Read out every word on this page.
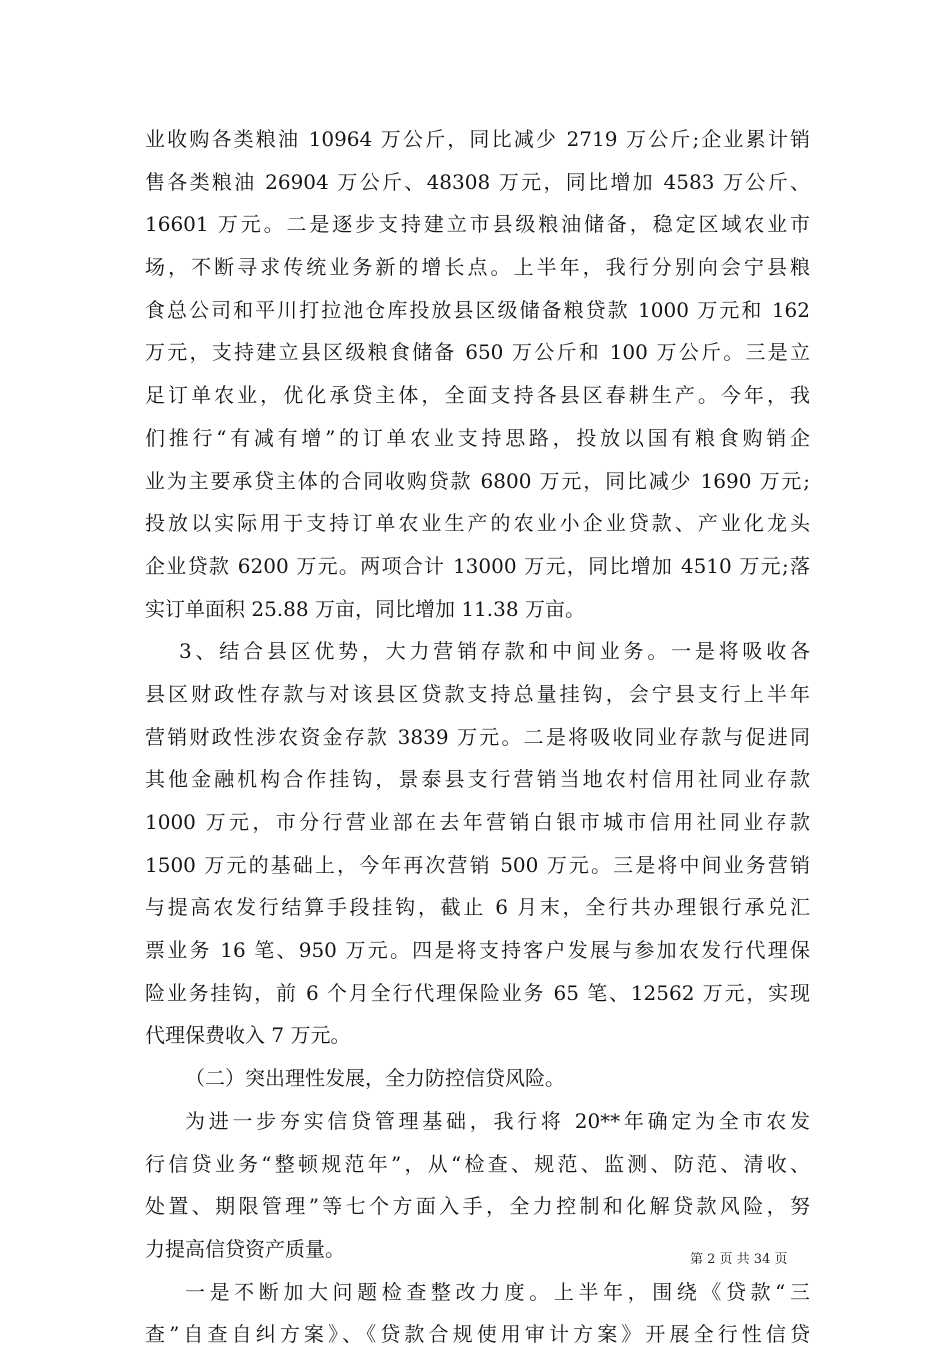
业收购各类粮油 10964 万公斤，同比减少 2719 万公斤;企业累计销
售各类粮油 26904 万公斤、48308 万元，同比增加 4583 万公斤、
16601 万元。二是逐步支持建立市县级粮油储备，稳定区域农业市
场，不断寻求传统业务新的增长点。上半年，我行分别向会宁县粮
食总公司和平川打拉池仓库投放县区级储备粮贷款 1000 万元和 162
万元，支持建立县区级粮食储备 650 万公斤和 100 万公斤。三是立
足订单农业，优化承贷主体，全面支持各县区春耕生产。今年，我
们推行“有减有增”的订单农业支持思路，投放以国有粮食购销企
业为主要承贷主体的合同收购贷款 6800 万元，同比减少 1690 万元;
投放以实际用于支持订单农业生产的农业小企业贷款、产业化龙头
企业贷款 6200 万元。两项合计 13000 万元，同比增加 4510 万元;落
实订单面积 25.88 万亩，同比增加 11.38 万亩。
3、结合县区优势，大力营销存款和中间业务。一是将吸收各
县区财政性存款与对该县区贷款支持总量挂钩，会宁县支行上半年
营销财政性涉农资金存款 3839 万元。二是将吸收同业存款与促进同
其他金融机构合作挂钩，景泰县支行营销当地农村信用社同业存款
1000 万元，市分行营业部在去年营销白银市城市信用社同业存款
1500 万元的基础上，今年再次营销 500 万元。三是将中间业务营销
与提高农发行结算手段挂钩，截止 6 月末，全行共办理银行承兑汇
票业务 16 笔、950 万元。四是将支持客户发展与参加农发行代理保
险业务挂钩，前 6 个月全行代理保险业务 65 笔、12562 万元，实现
代理保费收入 7 万元。
（二）突出理性发展，全力防控信贷风险。
为进一步夯实信贷管理基础，我行将 20**年确定为全市农发
行信贷业务“整顿规范年”，从“检查、规范、监测、防范、清收、
处置、期限管理”等七个方面入手，全力控制和化解贷款风险，努
力提高信贷资产质量。
一是不断加大问题检查整改力度。上半年，围绕《贷款“三
查”自查自纠方案》、《贷款合规使用审计方案》开展全行性信贷
第 2 页 共 34 页
